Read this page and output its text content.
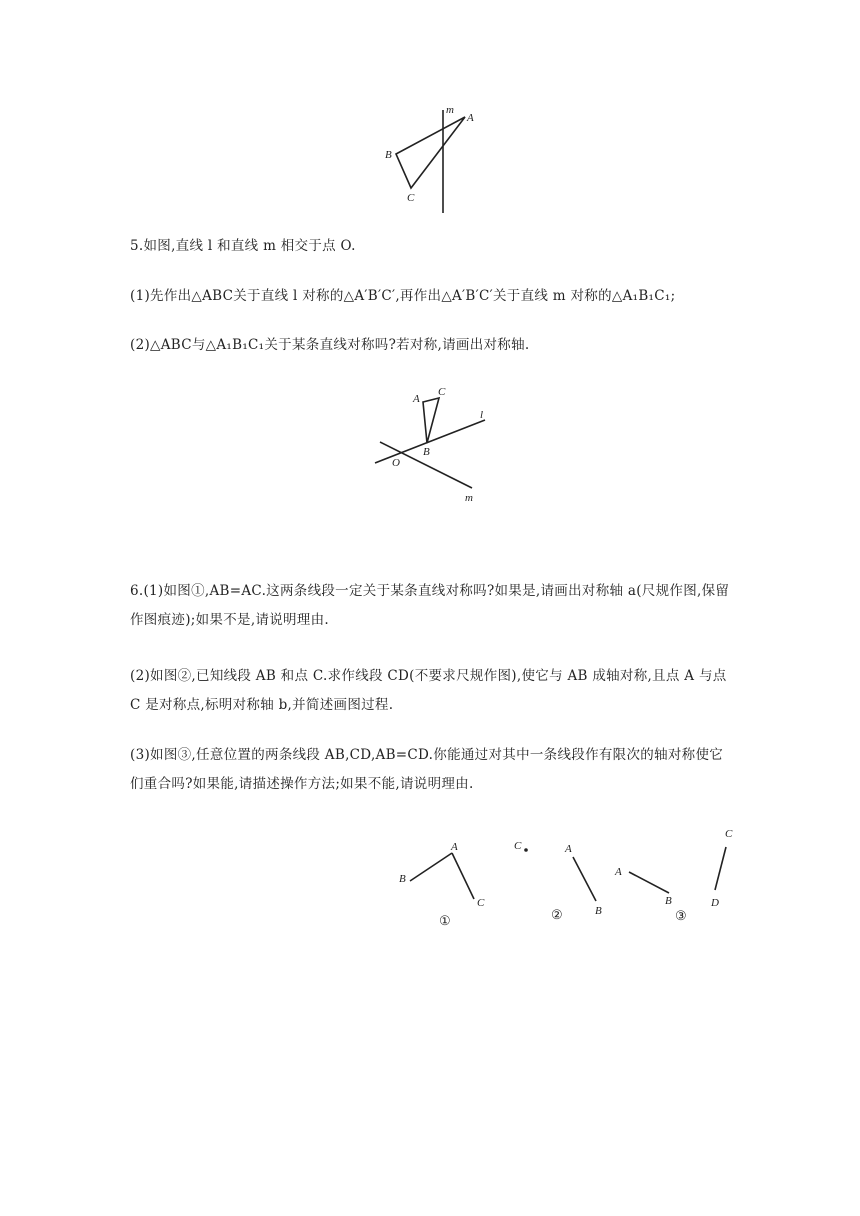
m
A
B
C

5.如图,直线 l 和直线 m 相交于点 O.

(1)先作出△ABC关于直线 l 对称的△A′B′C′,再作出△A′B′C′关于直线 m 对称的△A₁B₁C₁;

(2)△ABC与△A₁B₁C₁关于某条直线对称吗?若对称,请画出对称轴.

A
C
B
O
l
m

6.(1)如图①,AB=AC.这两条线段一定关于某条直线对称吗?如果是,请画出对称轴 a(尺规作图,保留作图痕迹);如果不是,请说明理由.

(2)如图②,已知线段 AB 和点 C.求作线段 CD(不要求尺规作图),使它与 AB 成轴对称,且点 A 与点 C 是对称点,标明对称轴 b,并简述画图过程.

(3)如图③,任意位置的两条线段 AB,CD,AB=CD.你能通过对其中一条线段作有限次的轴对称使它们重合吗?如果能,请描述操作方法;如果不能,请说明理由.

A
B
C
①
C	A
B
②
A
B
C
D
③
